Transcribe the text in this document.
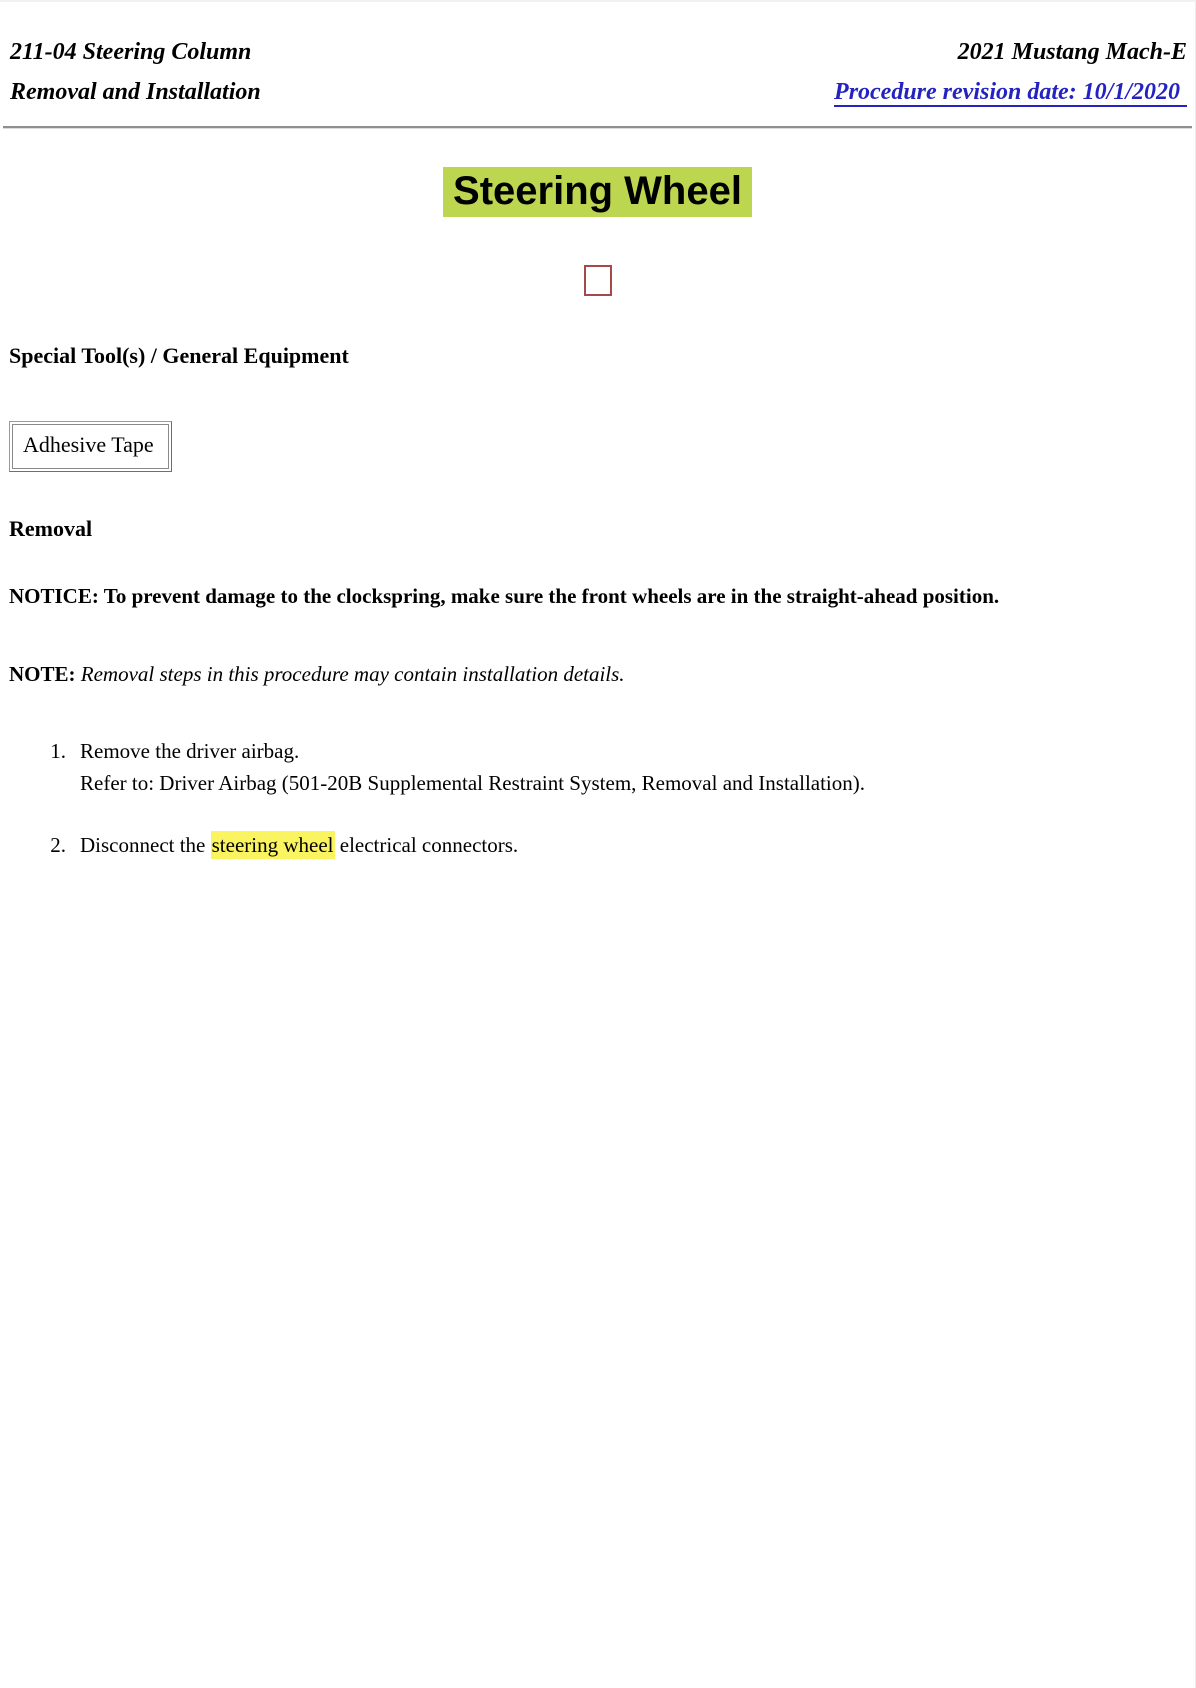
211-04 Steering Column
Removal and Installation
2021 Mustang Mach-E
Procedure revision date: 10/1/2020
Steering Wheel
Special Tool(s) / General Equipment
Adhesive Tape
Removal

NOTICE: To prevent damage to the clockspring, make sure the front wheels are in the straight-ahead position.

NOTE: Removal steps in this procedure may contain installation details.

1. Remove the driver airbag.
Refer to: Driver Airbag (501-20B Supplemental Restraint System, Removal and Installation).
2. Disconnect the steering wheel electrical connectors.
